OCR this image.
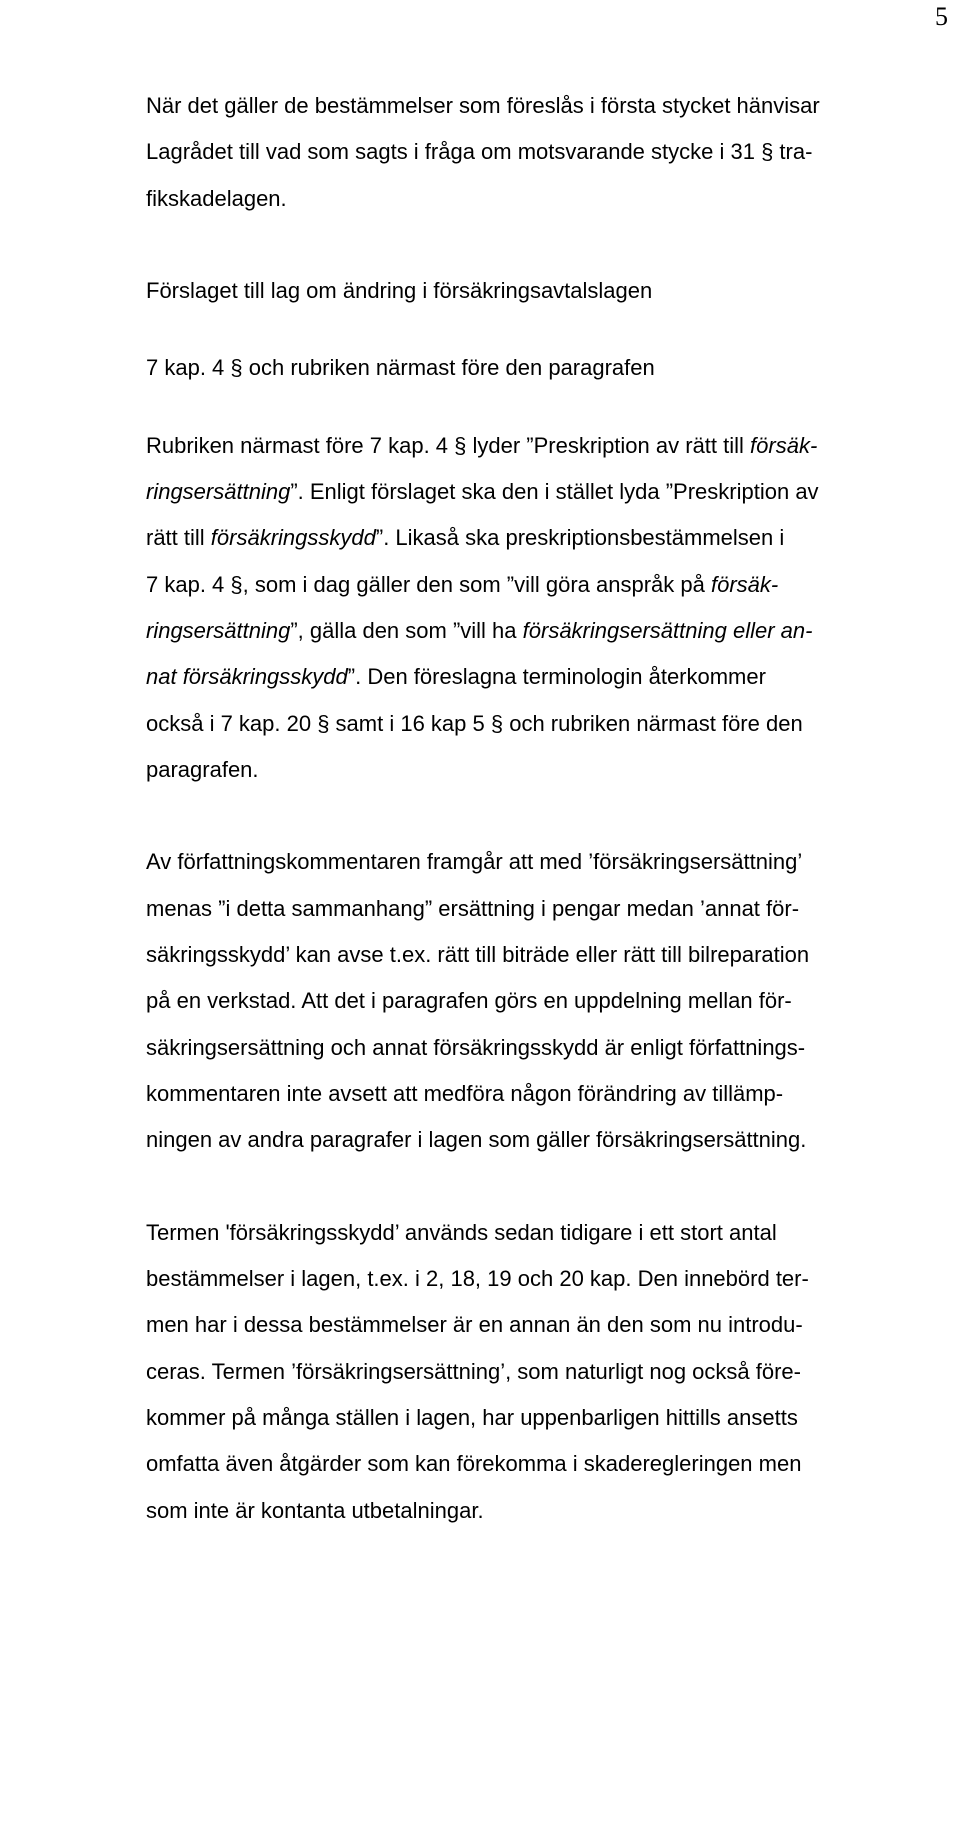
5
När det gäller de bestämmelser som föreslås i första stycket hänvisar
Lagrådet till vad som sagts i fråga om motsvarande stycke i 31 § tra-
fikskadelagen.
Förslaget till lag om ändring i försäkringsavtalslagen
7 kap. 4 § och rubriken närmast före den paragrafen
Rubriken närmast före 7 kap. 4 § lyder ”Preskription av rätt till försäk-
ringsersättning”. Enligt förslaget ska den i stället lyda ”Preskription av
rätt till försäkringsskydd”. Likaså ska preskriptionsbestämmelsen i
7 kap. 4 §, som i dag gäller den som ”vill göra anspråk på försäk-
ringsersättning”, gälla den som ”vill ha försäkringsersättning eller an-
nat försäkringsskydd”. Den föreslagna terminologin återkommer
också i 7 kap. 20 § samt i 16 kap 5 § och rubriken närmast före den
paragrafen.
Av författningskommentaren framgår att med ’försäkringsersättning’
menas ”i detta sammanhang” ersättning i pengar medan ’annat för-
säkringsskydd’ kan avse t.ex. rätt till biträde eller rätt till bilreparation
på en verkstad. Att det i paragrafen görs en uppdelning mellan för-
säkringsersättning och annat försäkringsskydd är enligt författnings-
kommentaren inte avsett att medföra någon förändring av tillämp-
ningen av andra paragrafer i lagen som gäller försäkringsersättning.
Termen 'försäkringsskydd’ används sedan tidigare i ett stort antal
bestämmelser i lagen, t.ex. i 2, 18, 19 och 20 kap. Den innebörd ter-
men har i dessa bestämmelser är en annan än den som nu introdu-
ceras. Termen ’försäkringsersättning’, som naturligt nog också före-
kommer på många ställen i lagen, har uppenbarligen hittills ansetts
omfatta även åtgärder som kan förekomma i skaderegleringen men
som inte är kontanta utbetalningar.
